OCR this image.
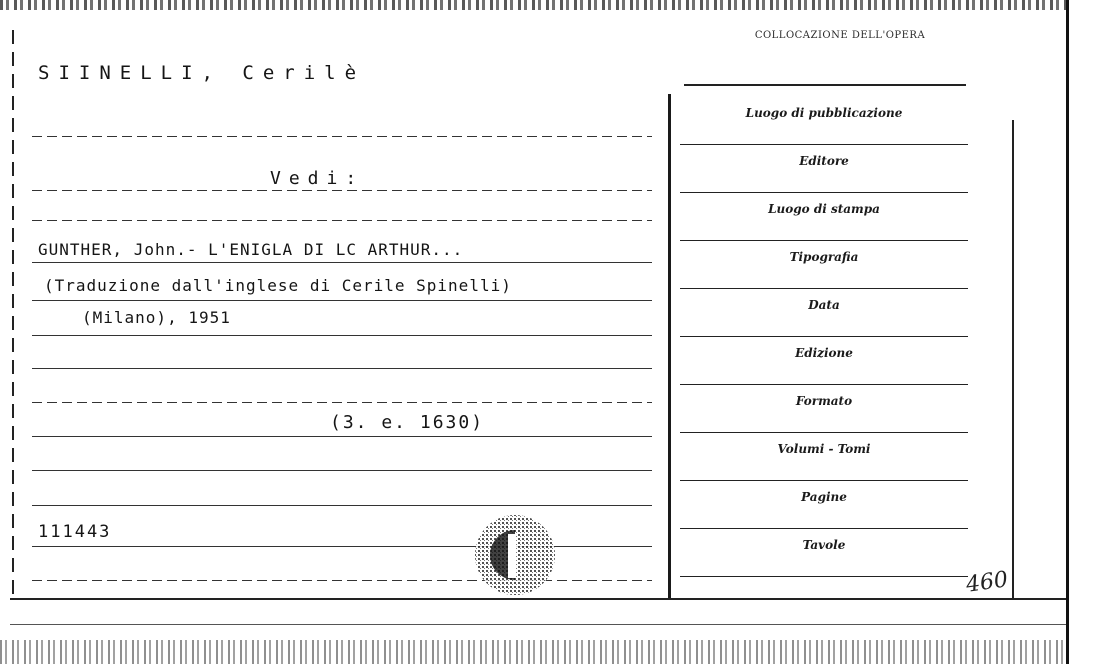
SIINELLI, Cerilè
Vedi:
GUNTHER, John.- L'ENIGLA DI LC ARTHUR...
(Traduzione dall'inglese di Cerile Spinelli)
(Milano), 1951
(3. e. 1630)
111443
COLLOCAZIONE DELL'OPERA
Luogo di pubblicazione
Editore
Luogo di stampa
Tipografia
Data
Edizione
Formato
Volumi - Tomi
Pagine
Tavole
460
